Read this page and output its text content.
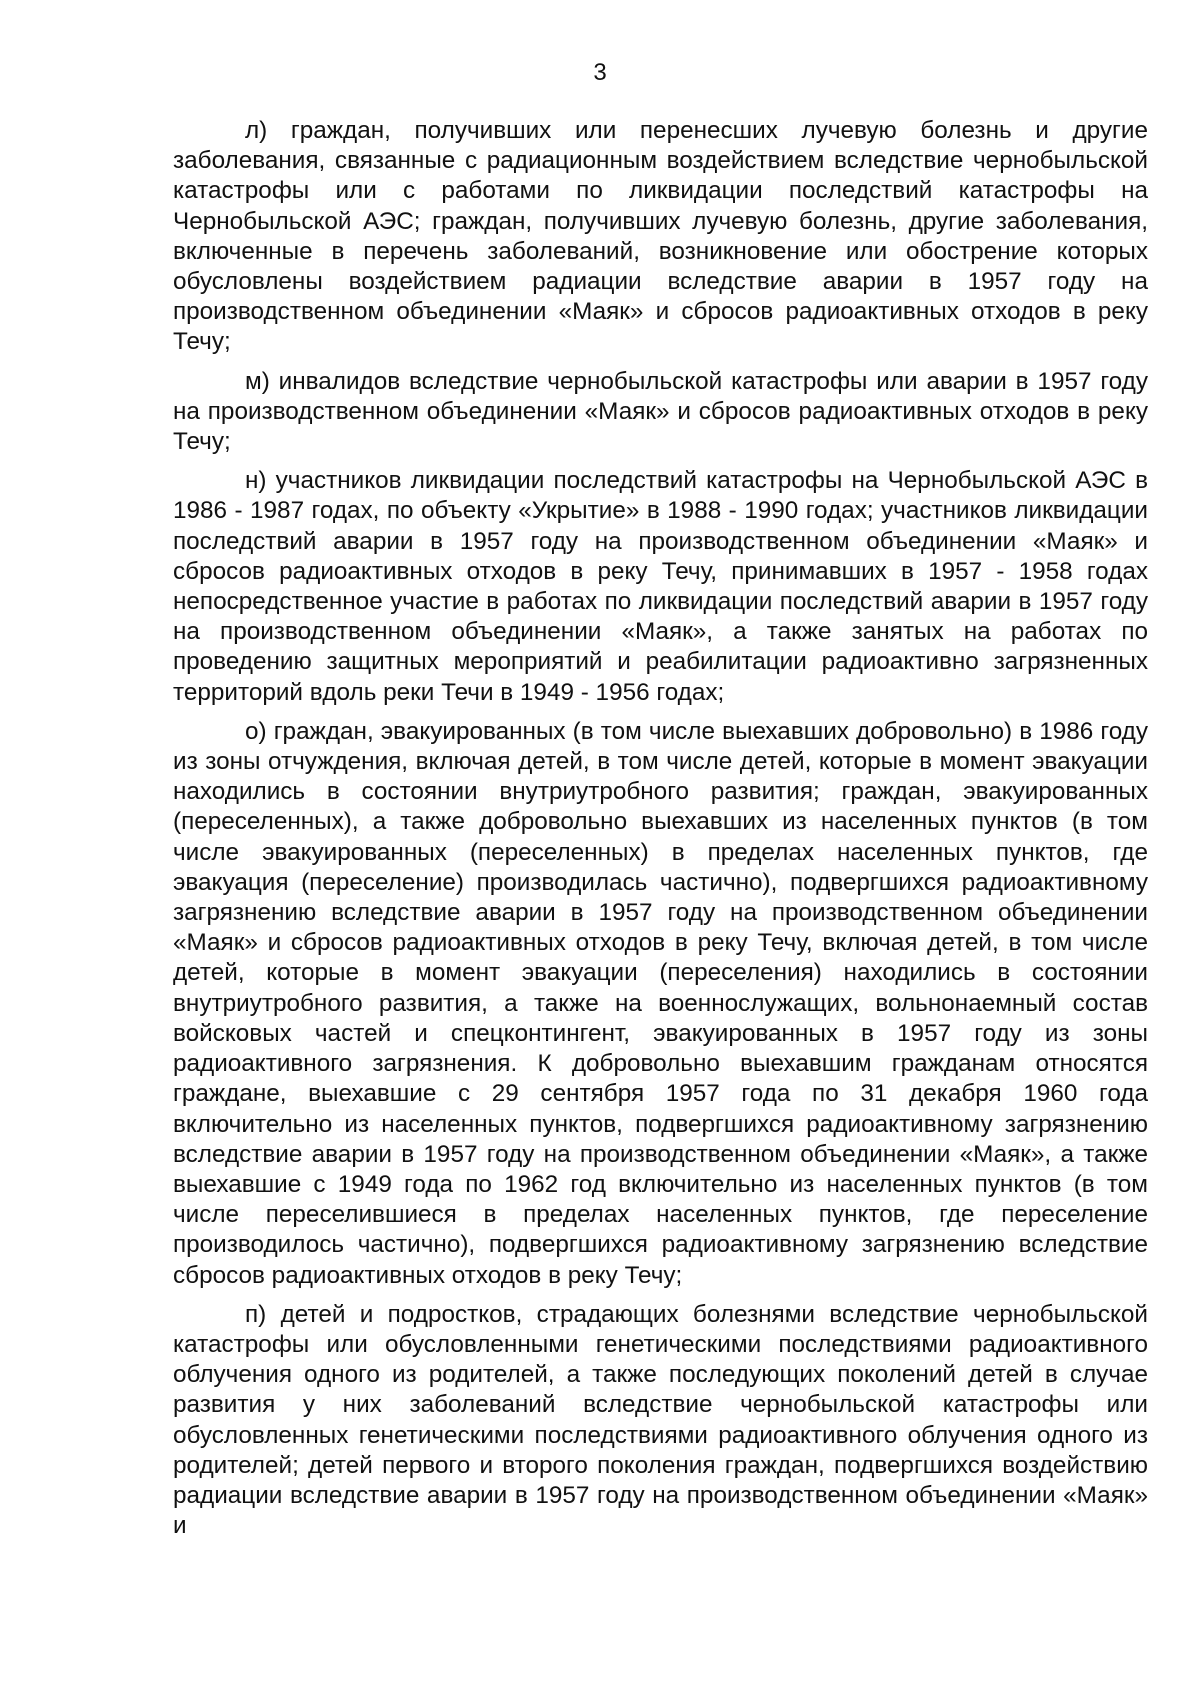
3

л) граждан, получивших или перенесших лучевую болезнь и другие заболевания, связанные с радиационным воздействием вследствие чернобыльской катастрофы или с работами по ликвидации последствий катастрофы на Чернобыльской АЭС; граждан, получивших лучевую болезнь, другие заболевания, включенные в перечень заболеваний, возникновение или обострение которых обусловлены воздействием радиации вследствие аварии в 1957 году на производственном объединении «Маяк» и сбросов радиоактивных отходов в реку Течу;

м) инвалидов вследствие чернобыльской катастрофы или аварии в 1957 году на производственном объединении «Маяк» и сбросов радиоактивных отходов в реку Течу;

н) участников ликвидации последствий катастрофы на Чернобыльской АЭС в 1986 - 1987 годах, по объекту «Укрытие» в 1988 - 1990 годах; участников ликвидации последствий аварии в 1957 году на производственном объединении «Маяк» и сбросов радиоактивных отходов в реку Течу, принимавших в 1957 - 1958 годах непосредственное участие в работах по ликвидации последствий аварии в 1957 году на производственном объединении «Маяк», а также занятых на работах по проведению защитных мероприятий и реабилитации радиоактивно загрязненных территорий вдоль реки Течи в 1949 - 1956 годах;

о) граждан, эвакуированных (в том числе выехавших добровольно) в 1986 году из зоны отчуждения, включая детей, в том числе детей, которые в момент эвакуации находились в состоянии внутриутробного развития; граждан, эвакуированных (переселенных), а также добровольно выехавших из населенных пунктов (в том числе эвакуированных (переселенных) в пределах населенных пунктов, где эвакуация (переселение) производилась частично), подвергшихся радиоактивному загрязнению вследствие аварии в 1957 году на производственном объединении «Маяк» и сбросов радиоактивных отходов в реку Течу, включая детей, в том числе детей, которые в момент эвакуации (переселения) находились в состоянии внутриутробного развития, а также на военнослужащих, вольнонаемный состав войсковых частей и спецконтингент, эвакуированных в 1957 году из зоны радиоактивного загрязнения. К добровольно выехавшим гражданам относятся граждане, выехавшие с 29 сентября 1957 года по 31 декабря 1960 года включительно из населенных пунктов, подвергшихся радиоактивному загрязнению вследствие аварии в 1957 году на производственном объединении «Маяк», а также выехавшие с 1949 года по 1962 год включительно из населенных пунктов (в том числе переселившиеся в пределах населенных пунктов, где переселение производилось частично), подвергшихся радиоактивному загрязнению вследствие сбросов радиоактивных отходов в реку Течу;

п) детей и подростков, страдающих болезнями вследствие чернобыльской катастрофы или обусловленными генетическими последствиями радиоактивного облучения одного из родителей, а также последующих поколений детей в случае развития у них заболеваний вследствие чернобыльской катастрофы или обусловленных генетическими последствиями радиоактивного облучения одного из родителей; детей первого и второго поколения граждан, подвергшихся воздействию радиации вследствие аварии в 1957 году на производственном объединении «Маяк» и
